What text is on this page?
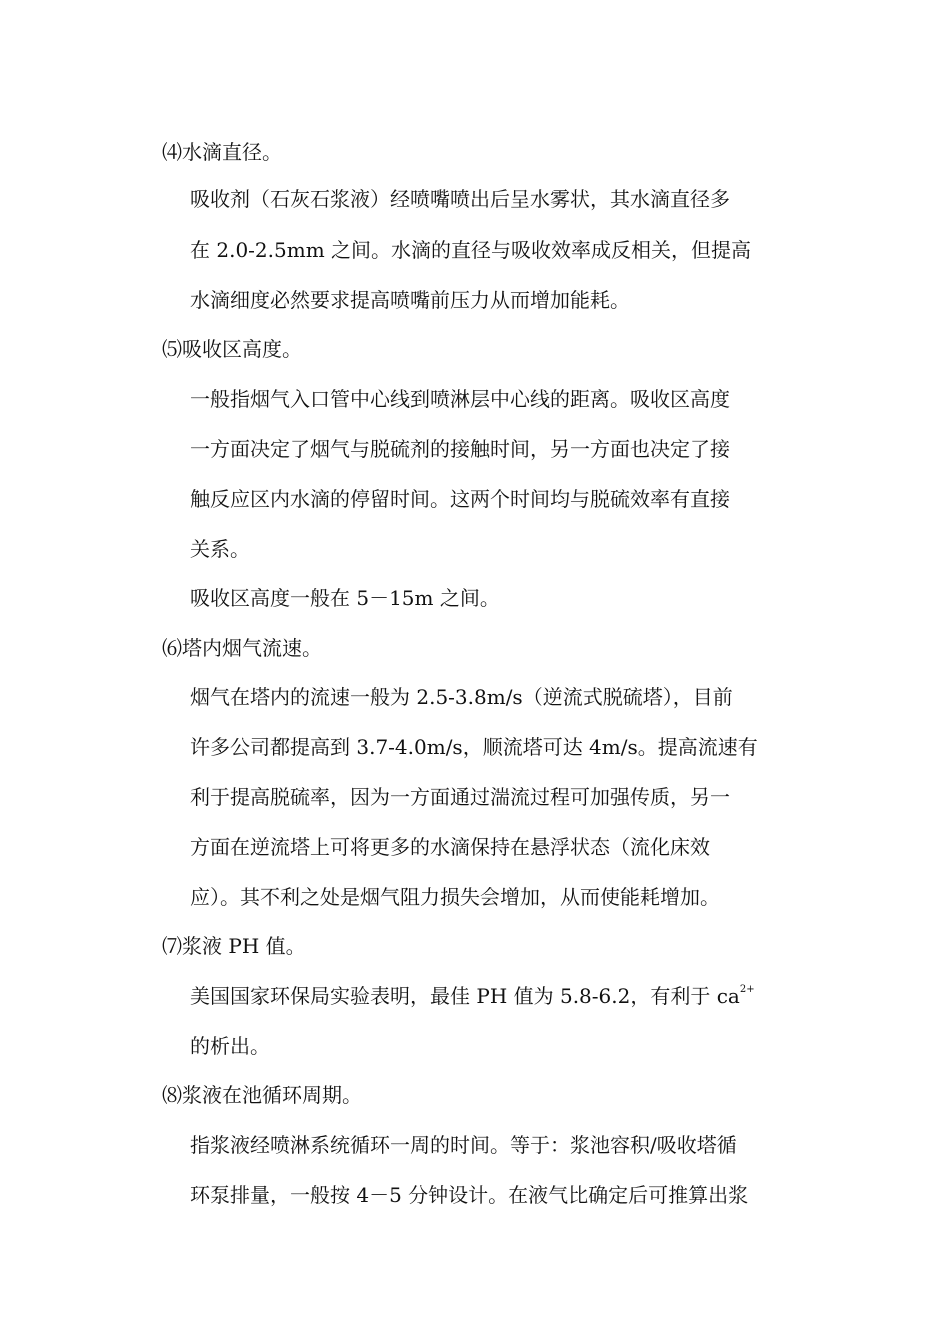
⑷水滴直径。
吸收剂（石灰石浆液）经喷嘴喷出后呈水雾状，其水滴直径多
在 2.0-2.5mm 之间。水滴的直径与吸收效率成反相关，但提高
水滴细度必然要求提高喷嘴前压力从而增加能耗。
⑸吸收区高度。
一般指烟气入口管中心线到喷淋层中心线的距离。吸收区高度
一方面决定了烟气与脱硫剂的接触时间，另一方面也决定了接
触反应区内水滴的停留时间。这两个时间均与脱硫效率有直接
关系。
吸收区高度一般在 5－15m 之间。
⑹塔内烟气流速。
烟气在塔内的流速一般为 2.5-3.8m/s（逆流式脱硫塔），目前
许多公司都提高到 3.7-4.0m/s，顺流塔可达 4m/s。提高流速有
利于提高脱硫率，因为一方面通过湍流过程可加强传质，另一
方面在逆流塔上可将更多的水滴保持在悬浮状态（流化床效
应）。其不利之处是烟气阻力损失会增加，从而使能耗增加。
⑺浆液 PH 值。
美国国家环保局实验表明，最佳 PH 值为 5.8-6.2，有利于 $ca^{2+}$
的析出。
⑻浆液在池循环周期。
指浆液经喷淋系统循环一周的时间。等于：浆池容积/吸收塔循
环泵排量，一般按 4－5 分钟设计。在液气比确定后可推算出浆
